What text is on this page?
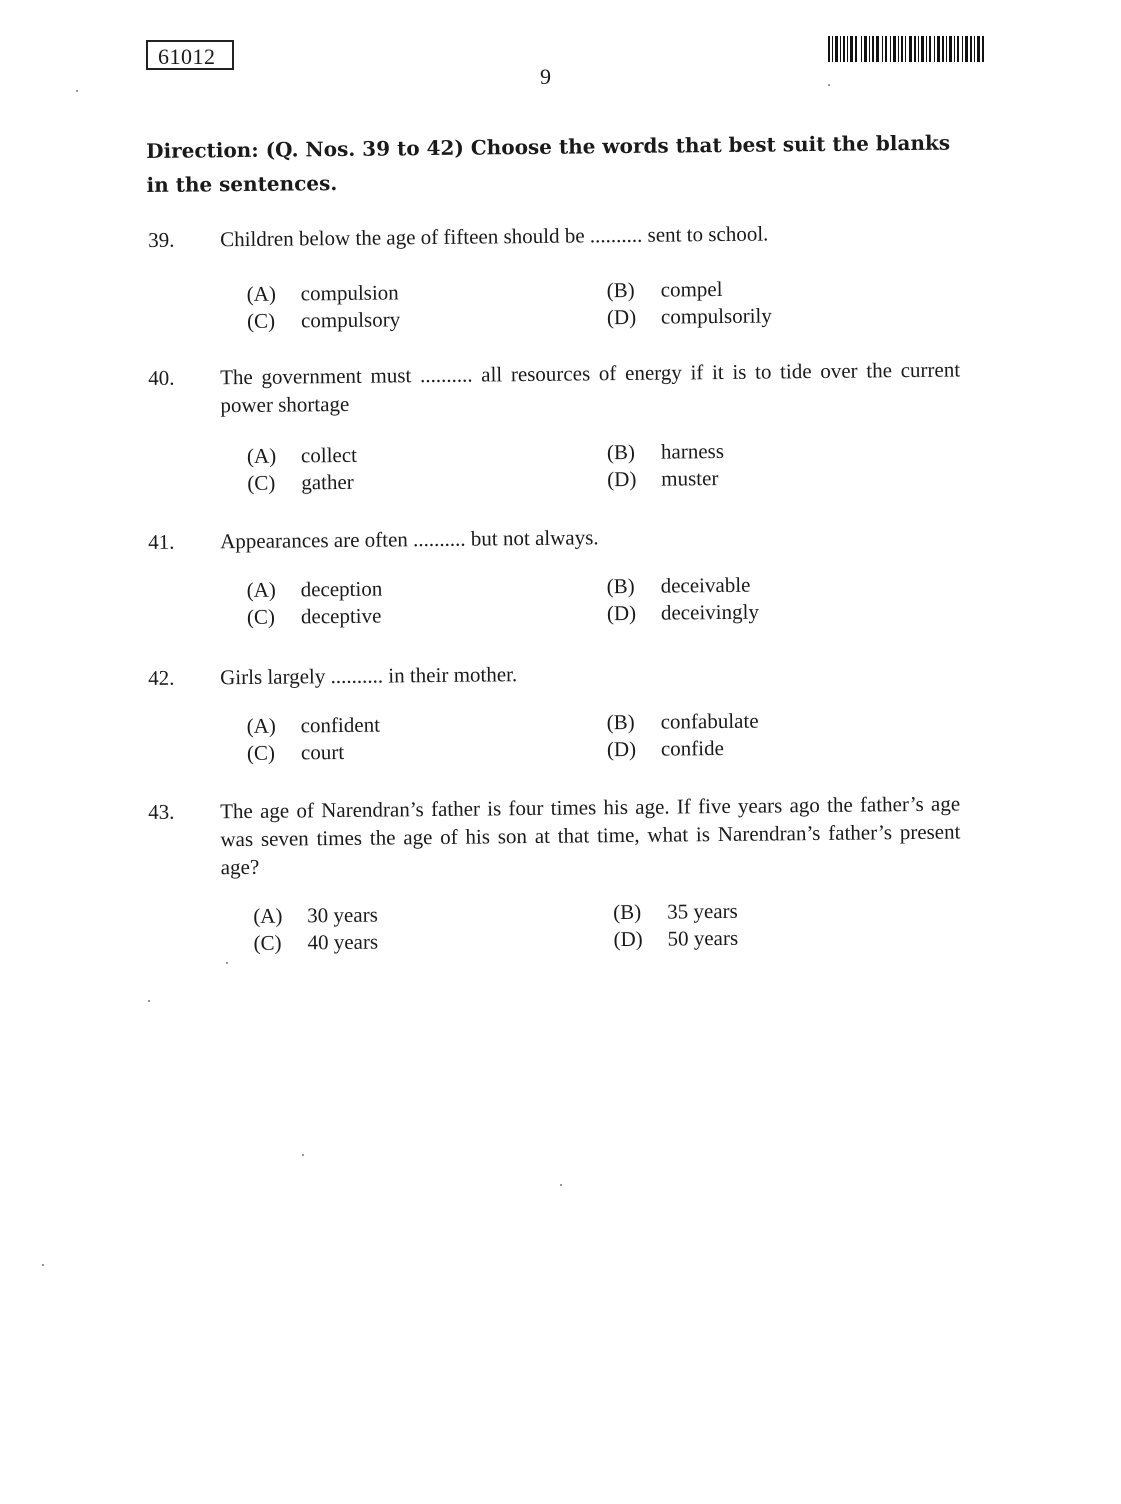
61012
9
Direction: (Q. Nos. 39 to 42) Choose the words that best suit the blanks in the sentences.
39. Children below the age of fifteen should be .......... sent to school.
(A) compulsion	(B) compel
(C) compulsory	(D) compulsorily
40. The government must .......... all resources of energy if it is to tide over the current power shortage
(A) collect	(B) harness
(C) gather	(D) muster
41. Appearances are often .......... but not always.
(A) deception	(B) deceivable
(C) deceptive	(D) deceivingly
42. Girls largely .......... in their mother.
(A) confident	(B) confabulate
(C) court	(D) confide
43. The age of Narendran’s father is four times his age. If five years ago the father’s age was seven times the age of his son at that time, what is Narendran’s father’s present age?
(A) 30 years	(B) 35 years
(C) 40 years	(D) 50 years
